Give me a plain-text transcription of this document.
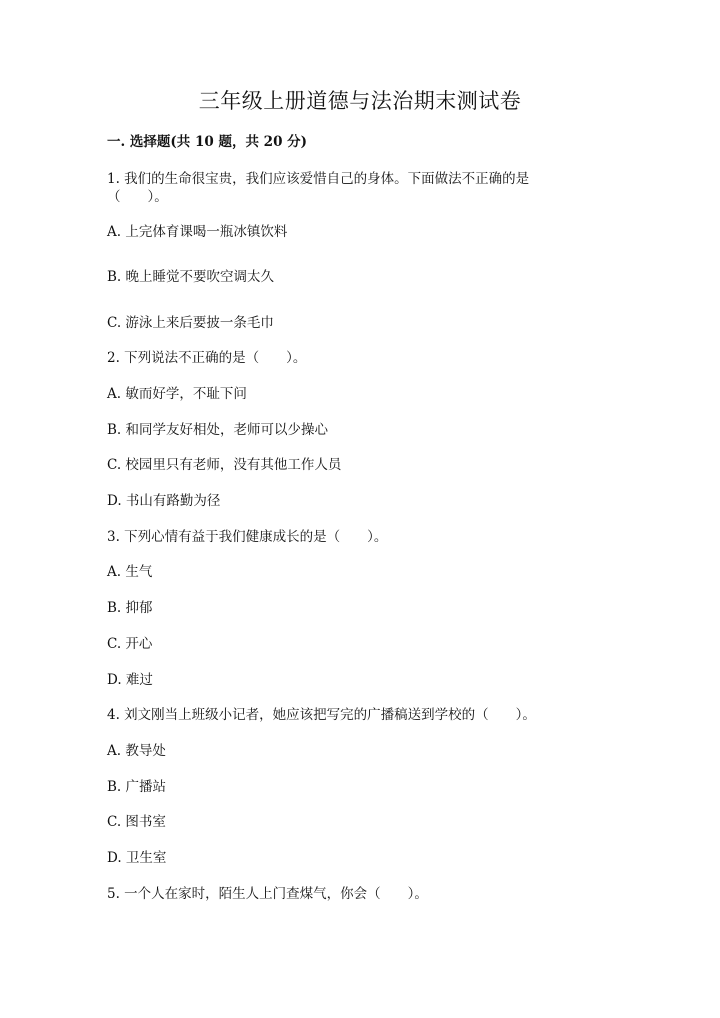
三年级上册道德与法治期末测试卷
一. 选择题(共 10 题，共 20 分)
1. 我们的生命很宝贵，我们应该爱惜自己的身体。下面做法不正确的是
（　　）。
A. 上完体育课喝一瓶冰镇饮料
B. 晚上睡觉不要吹空调太久
C. 游泳上来后要披一条毛巾
2. 下列说法不正确的是（　　）。
A. 敏而好学，不耻下问
B. 和同学友好相处，老师可以少操心
C. 校园里只有老师，没有其他工作人员
D. 书山有路勤为径
3. 下列心情有益于我们健康成长的是（　　）。
A. 生气
B. 抑郁
C. 开心
D. 难过
4. 刘文刚当上班级小记者，她应该把写完的广播稿送到学校的（　　）。
A. 教导处
B. 广播站
C. 图书室
D. 卫生室
5. 一个人在家时，陌生人上门查煤气，你会（　　）。
